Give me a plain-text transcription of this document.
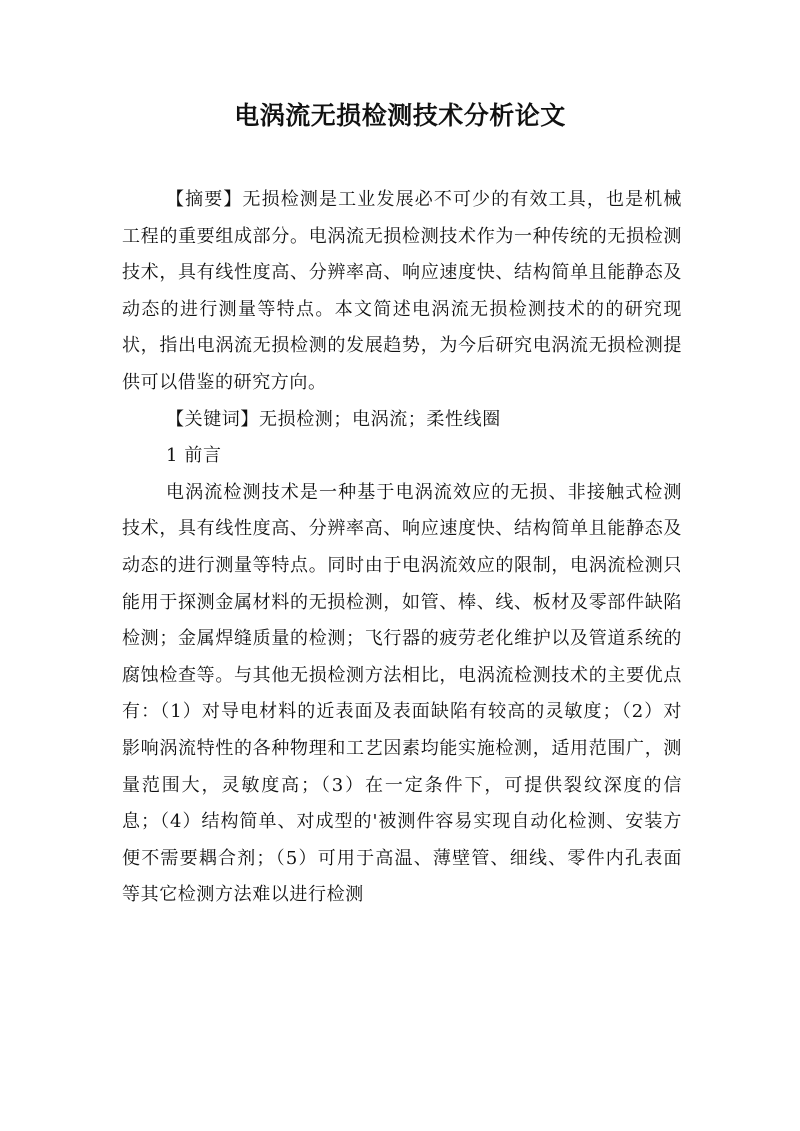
电涡流无损检测技术分析论文

【摘要】无损检测是工业发展必不可少的有效工具，也是机械工程的重要组成部分。电涡流无损检测技术作为一种传统的无损检测技术，具有线性度高、分辨率高、响应速度快、结构简单且能静态及动态的进行测量等特点。本文简述电涡流无损检测技术的的研究现状，指出电涡流无损检测的发展趋势，为今后研究电涡流无损检测提供可以借鉴的研究方向。

【关键词】无损检测；电涡流；柔性线圈

1 前言

电涡流检测技术是一种基于电涡流效应的无损、非接触式检测技术，具有线性度高、分辨率高、响应速度快、结构简单且能静态及动态的进行测量等特点。同时由于电涡流效应的限制，电涡流检测只能用于探测金属材料的无损检测，如管、棒、线、板材及零部件缺陷检测；金属焊缝质量的检测；飞行器的疲劳老化维护以及管道系统的腐蚀检查等。与其他无损检测方法相比，电涡流检测技术的主要优点有：（1）对导电材料的近表面及表面缺陷有较高的灵敏度；（2）对影响涡流特性的各种物理和工艺因素均能实施检测，适用范围广，测量范围大，灵敏度高；（3）在一定条件下，可提供裂纹深度的信息；（4）结构简单、对成型的'被测件容易实现自动化检测、安装方便不需要耦合剂；（5）可用于高温、薄壁管、细线、零件内孔表面等其它检测方法难以进行检测
